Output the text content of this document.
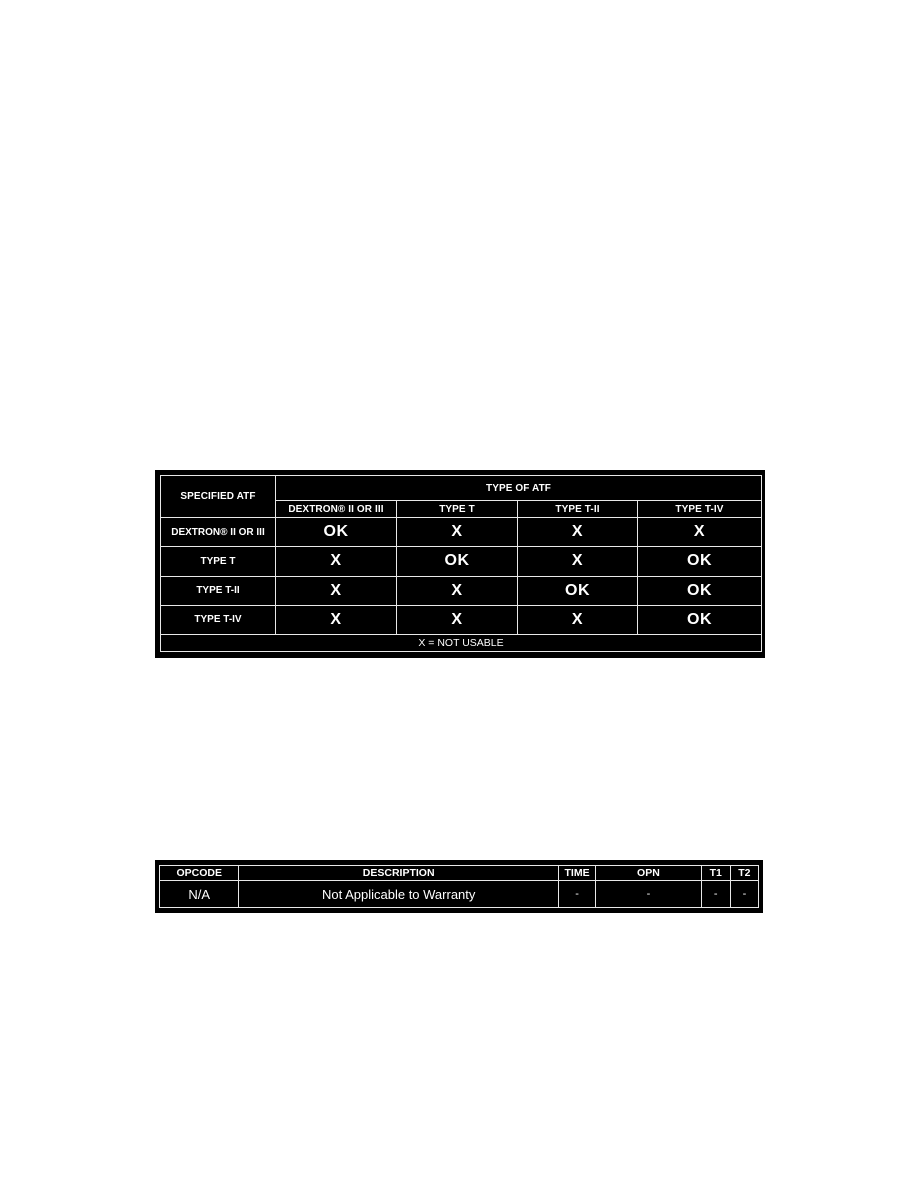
SPECIFIED ATF	TYPE OF ATF			
	DEXTRON® II OR III	TYPE T	TYPE T-II	TYPE T-IV
DEXTRON® II OR III	OK	X	X	X
TYPE T	X	OK	X	OK
TYPE T-II	X	X	OK	OK
TYPE T-IV	X	X	X	OK
X = NOT USABLE				
OPCODE	DESCRIPTION	TIME	OPN	T1	T2
N/A	Not Applicable to Warranty	-	-	-	-
